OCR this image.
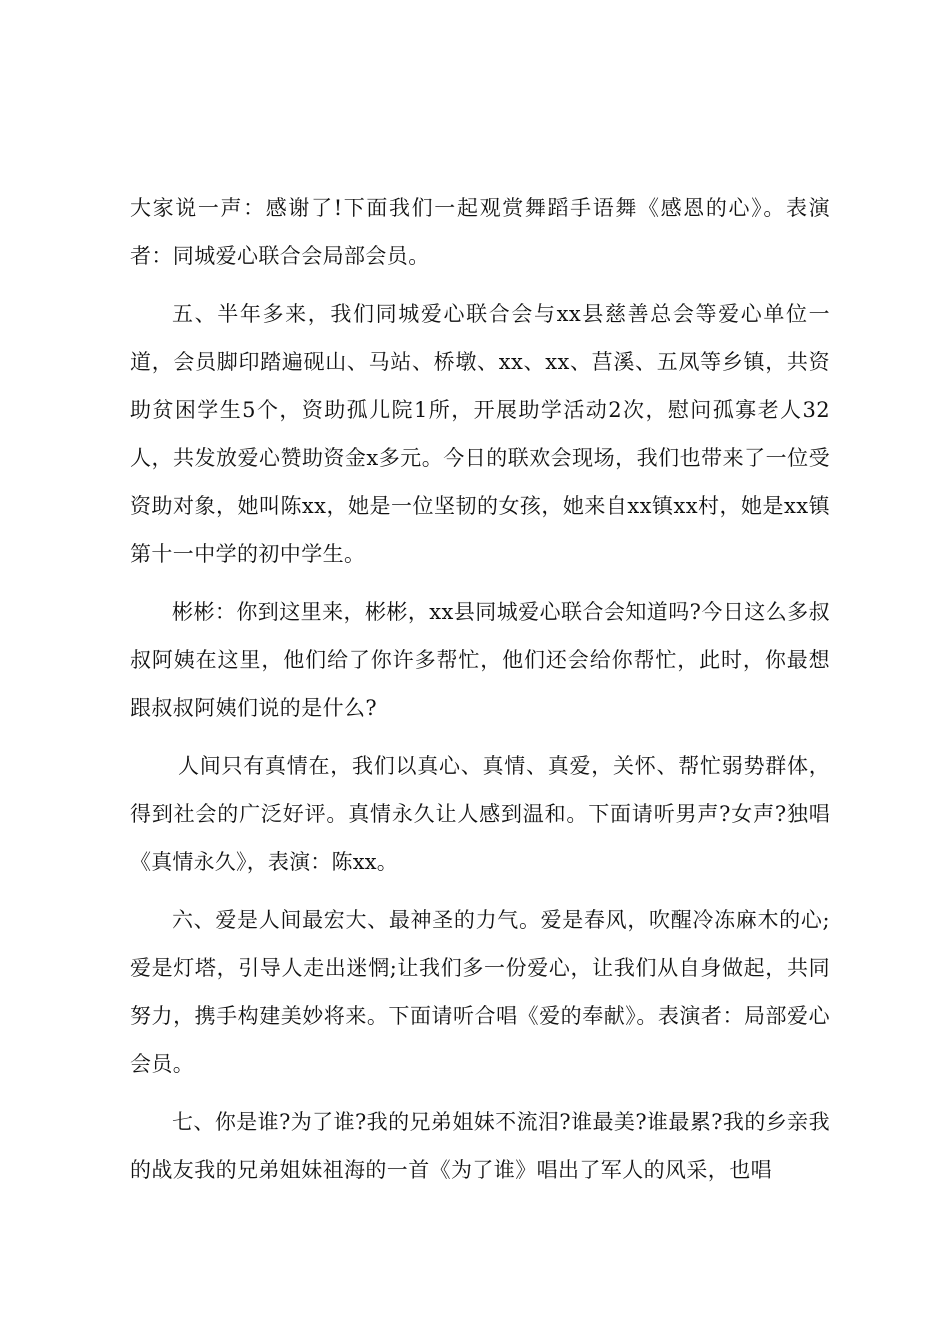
大家说一声：感谢了!下面我们一起观赏舞蹈手语舞《感恩的心》。表演者：同城爱心联合会局部会员。

五、半年多来，我们同城爱心联合会与xx县慈善总会等爱心单位一道，会员脚印踏遍砚山、马站、桥墩、xx、xx、莒溪、五凤等乡镇，共资助贫困学生5个，资助孤儿院1所，开展助学活动2次，慰问孤寡老人32人，共发放爱心赞助资金x多元。今日的联欢会现场，我们也带来了一位受资助对象，她叫陈xx，她是一位坚韧的女孩，她来自xx镇xx村，她是xx镇第十一中学的初中学生。

彬彬：你到这里来，彬彬，xx县同城爱心联合会知道吗?今日这么多叔叔阿姨在这里，他们给了你许多帮忙，他们还会给你帮忙，此时，你最想跟叔叔阿姨们说的是什么?

人间只有真情在，我们以真心、真情、真爱，关怀、帮忙弱势群体，得到社会的广泛好评。真情永久让人感到温和。下面请听男声?女声?独唱《真情永久》，表演：陈xx。

六、爱是人间最宏大、最神圣的力气。爱是春风，吹醒冷冻麻木的心;爱是灯塔，引导人走出迷惘;让我们多一份爱心，让我们从自身做起，共同努力，携手构建美妙将来。下面请听合唱《爱的奉献》。表演者：局部爱心会员。

七、你是谁?为了谁?我的兄弟姐妹不流泪?谁最美?谁最累?我的乡亲我的战友我的兄弟姐妹祖海的一首《为了谁》唱出了军人的风采，也唱
